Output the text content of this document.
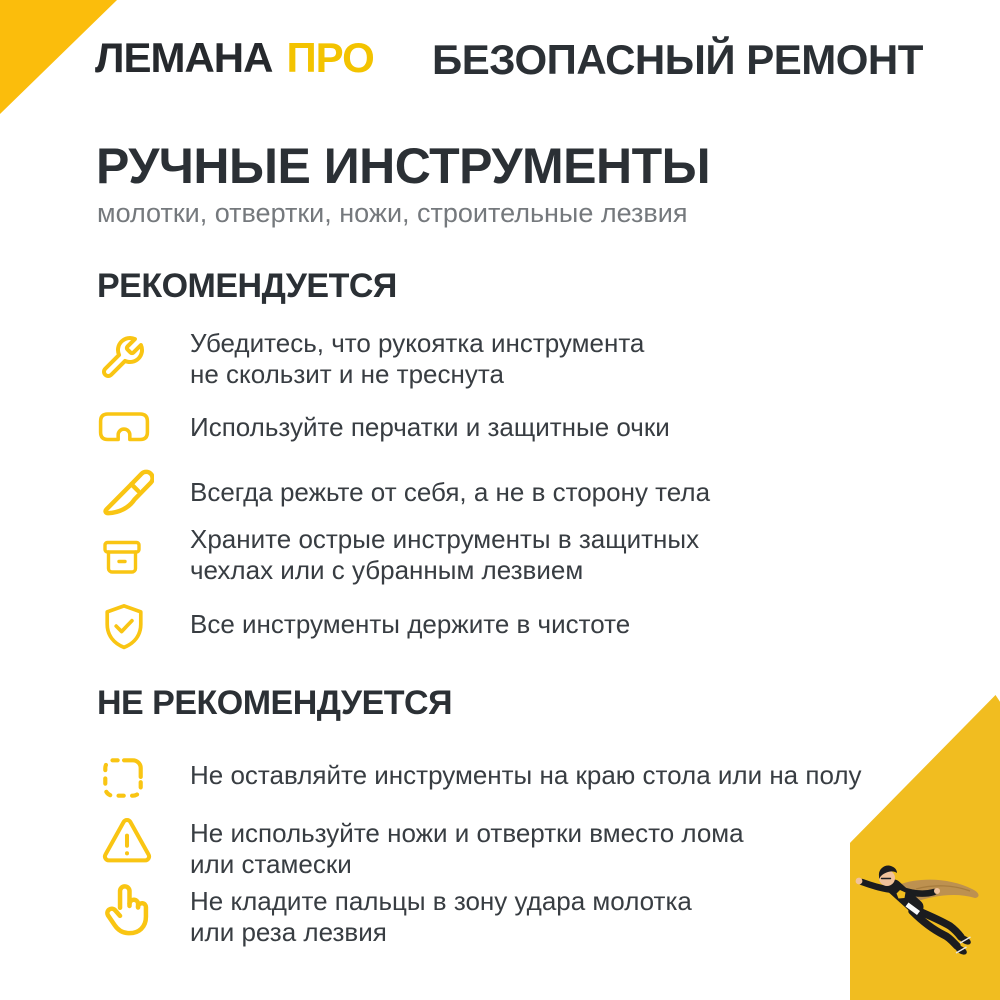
ЛЕМАНА ПРО БЕЗОПАСНЫЙ РЕМОНТ
РУЧНЫЕ ИНСТРУМЕНТЫ
молотки, отвертки, ножи, строительные лезвия
РЕКОМЕНДУЕТСЯ
Убедитесь, что рукоятка инструмента
не скользит и не треснута
Используйте перчатки и защитные очки
Всегда режьте от себя, а не в сторону тела
Храните острые инструменты в защитных
чехлах или с убранным лезвием
Все инструменты держите в чистоте
НЕ РЕКОМЕНДУЕТСЯ
Не оставляйте инструменты на краю стола или на полу
Не используйте ножи и отвертки вместо лома
или стамески
Не кладите пальцы в зону удара молотка
или реза лезвия
